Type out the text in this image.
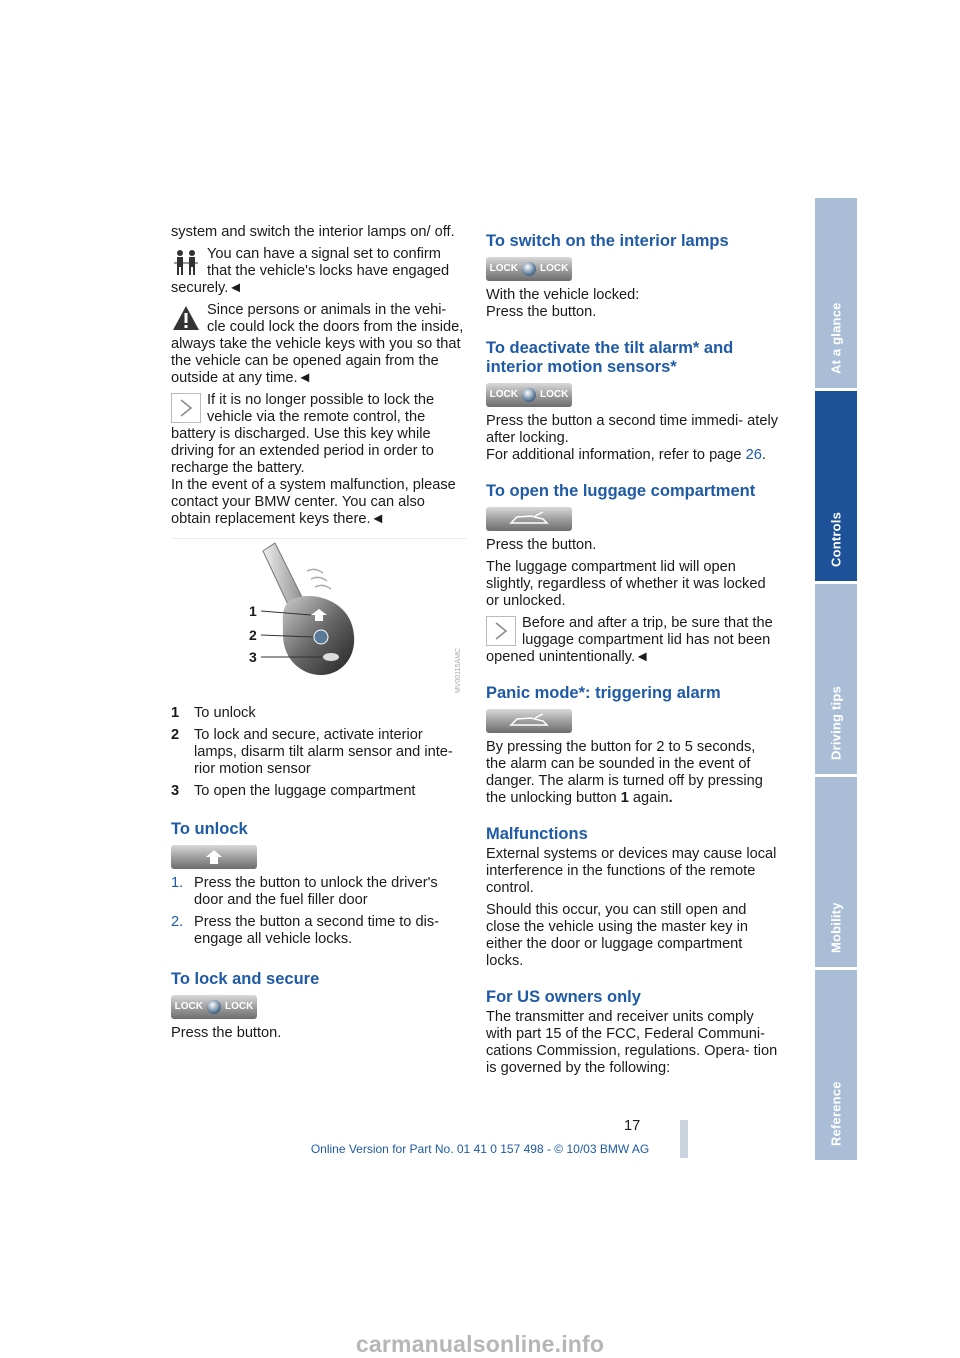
system and switch the interior lamps on/ off.

You can have a signal set to confirm that the vehicle's locks have engaged securely.◄

Since persons or animals in the vehi- cle could lock the doors from the inside, always take the vehicle keys with you so that the vehicle can be opened again from the outside at any time.◄

If it is no longer possible to lock the vehicle via the remote control, the battery is discharged. Use this key while driving for an extended period in order to recharge the battery.

In the event of a system malfunction, please contact your BMW center. You can also obtain replacement keys there.◄

1
2
3	MV00115AMC
1	To unlock
2	To lock and secure, activate interior lamps, disarm tilt alarm sensor and inte- rior motion sensor
3	To open the luggage compartment
To unlock
1. Press the button to unlock the driver's door and the fuel filler door
2. Press the button a second time to dis- engage all vehicle locks.
To lock and secure
LOCK LOCK

Press the button.

To switch on the interior lamps
LOCK LOCK

With the vehicle locked:

Press the button.

To deactivate the tilt alarm* and interior motion sensors*
LOCK LOCK

Press the button a second time immedi- ately after locking.

For additional information, refer to page 26.

To open the luggage compartment

Press the button.

The luggage compartment lid will open slightly, regardless of whether it was locked or unlocked.

Before and after a trip, be sure that the luggage compartment lid has not been opened unintentionally.◄

Panic mode*: triggering alarm

By pressing the button for 2 to 5 seconds, the alarm can be sounded in the event of danger. The alarm is turned off by pressing the unlocking button 1 again.

Malfunctions

External systems or devices may cause local interference in the functions of the remote control.

Should this occur, you can still open and close the vehicle using the master key in either the door or luggage compartment locks.

For US owners only

The transmitter and receiver units comply with part 15 of the FCC, Federal Communi- cations Commission, regulations. Opera- tion is governed by the following:

At a glance
Controls
Driving tips
Mobility
Reference
17
Online Version for Part No. 01 41 0 157 498 - © 10/03 BMW AG
carmanualsonline.info
